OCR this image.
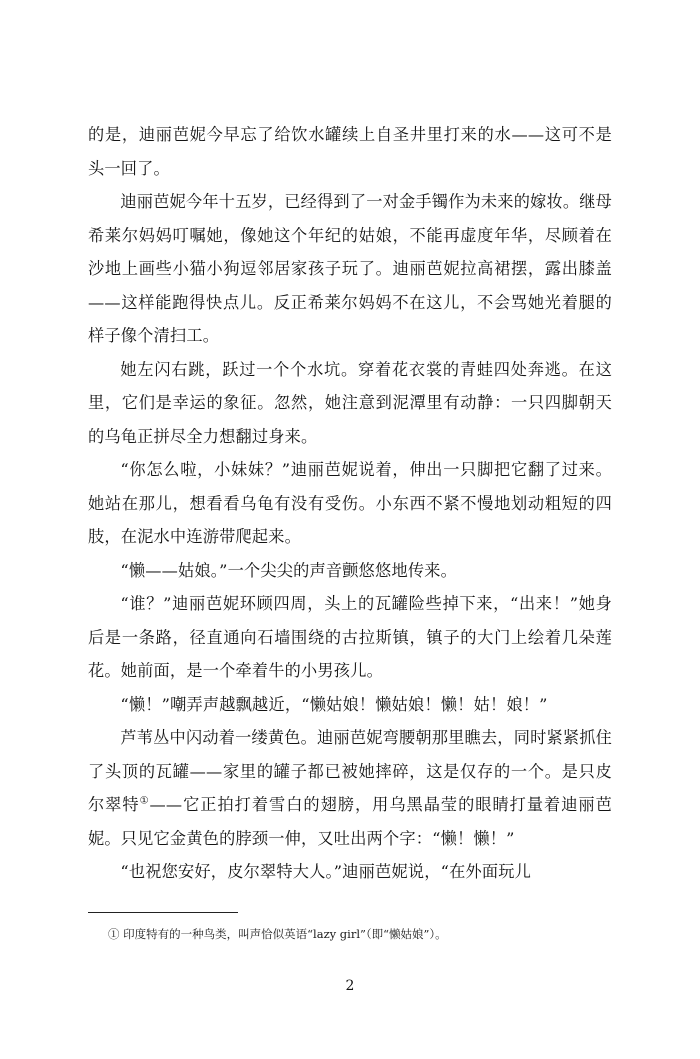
的是，迪丽芭妮今早忘了给饮水罐续上自圣井里打来的水——这可不是头一回了。

迪丽芭妮今年十五岁，已经得到了一对金手镯作为未来的嫁妆。继母希莱尔妈妈叮嘱她，像她这个年纪的姑娘，不能再虚度年华，尽顾着在沙地上画些小猫小狗逗邻居家孩子玩了。迪丽芭妮拉高裙摆，露出膝盖——这样能跑得快点儿。反正希莱尔妈妈不在这儿，不会骂她光着腿的样子像个清扫工。

她左闪右跳，跃过一个个水坑。穿着花衣裳的青蛙四处奔逃。在这里，它们是幸运的象征。忽然，她注意到泥潭里有动静：一只四脚朝天的乌龟正拼尽全力想翻过身来。

“你怎么啦，小妹妹？”迪丽芭妮说着，伸出一只脚把它翻了过来。她站在那儿，想看看乌龟有没有受伤。小东西不紧不慢地划动粗短的四肢，在泥水中连游带爬起来。

“懒——姑娘。”一个尖尖的声音颤悠悠地传来。

“谁？”迪丽芭妮环顾四周，头上的瓦罐险些掉下来，“出来！”她身后是一条路，径直通向石墙围绕的古拉斯镇，镇子的大门上绘着几朵莲花。她前面，是一个牵着牛的小男孩儿。

“懒！”嘲弄声越飘越近，“懒姑娘！懒姑娘！懒！姑！娘！”

芦苇丛中闪动着一缕黄色。迪丽芭妮弯腰朝那里瞧去，同时紧紧抓住了头顶的瓦罐——家里的罐子都已被她摔碎，这是仅存的一个。是只皮尔翠特①——它正拍打着雪白的翅膀，用乌黑晶莹的眼睛打量着迪丽芭妮。只见它金黄色的脖颈一伸，又吐出两个字：“懒！懒！”

“也祝您安好，皮尔翠特大人。”迪丽芭妮说，“在外面玩儿

① 印度特有的一种鸟类，叫声恰似英语“lazy girl”（即“懒姑娘”）。
2
